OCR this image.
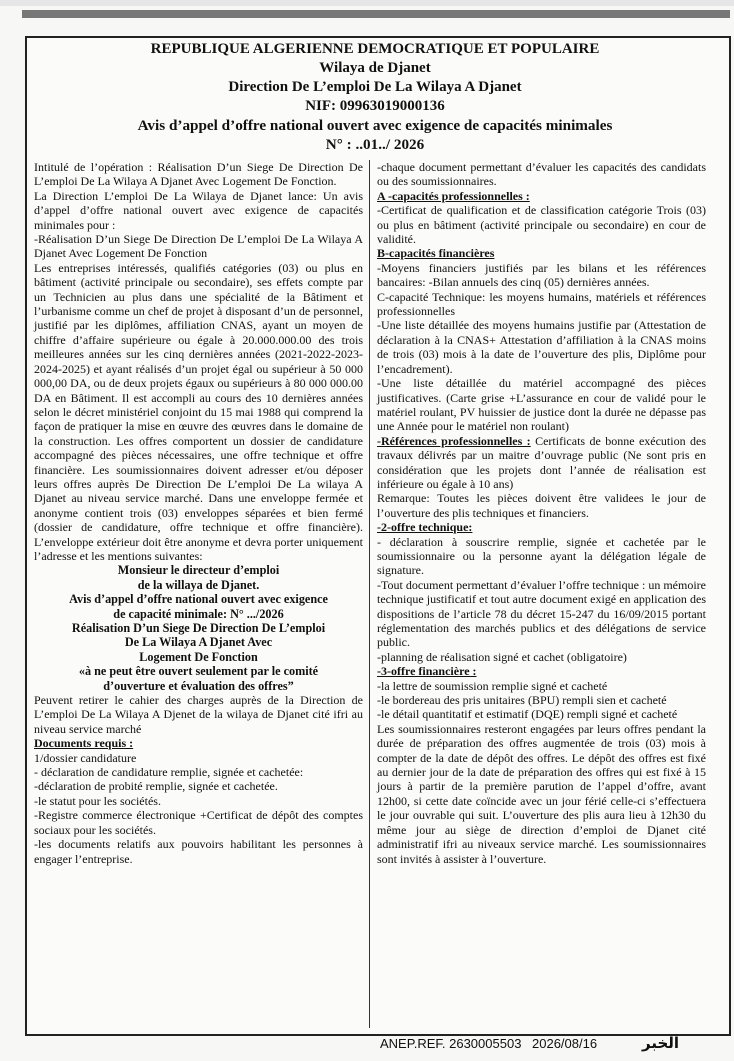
REPUBLIQUE ALGERIENNE DEMOCRATIQUE ET POPULAIRE
Wilaya de Djanet
Direction De L’emploi De La Wilaya A Djanet
NIF: 09963019000136
Avis d’appel d’offre national ouvert avec exigence de capacités minimales
N° : ..01../ 2026

Intitulé de l’opération : Réalisation D’un Siege De Direction De L’emploi De La Wilaya A Djanet Avec Logement De Fonction.

La Direction L’emploi De La Wilaya de Djanet lance: Un avis d’appel d’offre national ouvert avec exigence de capacités minimales pour :

-Réalisation D’un Siege De Direction De L’emploi De La Wilaya A Djanet Avec Logement De Fonction

Les entreprises intéressés, qualifiés catégories (03) ou plus en bâtiment (activité principale ou secondaire), ses effets compte par un Technicien au plus dans une spécialité de la Bâtiment et l’urbanisme comme un chef de projet à disposant d’un de personnel, justifié par les diplômes, affiliation CNAS, ayant un moyen de chiffre d’affaire supérieure ou égale à 20.000.000.00 des trois meilleures années sur les cinq dernières années (2021-2022-2023-2024-2025) et ayant réalisés d’un projet égal ou supérieur à 50 000 000,00 DA, ou de deux projets égaux ou supérieurs à 80 000 000.00 DA en Bâtiment. Il est accompli au cours des 10 dernières années selon le décret ministériel conjoint du 15 mai 1988 qui comprend la façon de pratiquer la mise en œuvre des œuvres dans le domaine de la construction. Les offres comportent un dossier de candidature accompagné des pièces nécessaires, une offre technique et offre financière. Les soumissionnaires doivent adresser et/ou déposer leurs offres auprès De Direction De L’emploi De La wilaya A Djanet au niveau service marché. Dans une enveloppe fermée et anonyme contient trois (03) enveloppes séparées et bien fermé (dossier de candidature, offre technique et offre financière). L’enveloppe extérieur doit être anonyme et devra porter uniquement l’adresse et les mentions suivantes:

Monsieur le directeur d’emploi
de la willaya de Djanet.
Avis d’appel d’offre national ouvert avec exigence
de capacité minimale: N° .../2026
Réalisation D’un Siege De Direction De L’emploi
De La Wilaya A Djanet Avec
Logement De Fonction
«à ne peut être ouvert seulement par le comité
d’ouverture et évaluation des offres”

Peuvent retirer le cahier des charges auprès de la Direction de L’emploi De La Wilaya A Djenet de la wilaya de Djanet cité ifri au niveau service marché

Documents requis :

1/dossier candidature

- déclaration de candidature remplie, signée et cachetée:

-déclaration de probité remplie, signée et cachetée.

-le statut pour les sociétés.

-Registre commerce électronique +Certificat de dépôt des comptes sociaux pour les sociétés.

-les documents relatifs aux pouvoirs habilitant les personnes à engager l’entreprise.

-chaque document permettant d’évaluer les capacités des candidats ou des soumissionnaires.

A -capacités professionnelles :

-Certificat de qualification et de classification catégorie Trois (03) ou plus en bâtiment (activité principale ou secondaire) en cour de validité.

B-capacités financières

-Moyens financiers justifiés par les bilans et les références bancaires: -Bilan annuels des cinq (05) dernières années.

C-capacité Technique: les moyens humains, matériels et références professionnelles

-Une liste détaillée des moyens humains justifie par (Attestation de déclaration à la CNAS+ Attestation d’affiliation à la CNAS moins de trois (03) mois à la date de l’ouverture des plis, Diplôme pour l’encadrement).

-Une liste détaillée du matériel accompagné des pièces justificatives. (Carte grise +L’assurance en cour de validé pour le matériel roulant, PV huissier de justice dont la durée ne dépasse pas une Année pour le matériel non roulant)

-Références professionnelles : Certificats de bonne exécution des travaux délivrés par un maitre d’ouvrage public (Ne sont pris en considération que les projets dont l’année de réalisation est inférieure ou égale à 10 ans)

Remarque: Toutes les pièces doivent être validees le jour de l’ouverture des plis techniques et financiers.

-2-offre technique:

- déclaration à souscrire remplie, signée et cachetée par le soumissionnaire ou la personne ayant la délégation légale de signature.

-Tout document permettant d’évaluer l’offre technique : un mémoire technique justificatif et tout autre document exigé en application des dispositions de l’article 78 du décret 15-247 du 16/09/2015 portant réglementation des marchés publics et des délégations de service public.

-planning de réalisation signé et cachet (obligatoire)

-3-offre financière :

-la lettre de soumission remplie signé et cacheté

-le bordereau des pris unitaires (BPU) rempli sien et cacheté

-le détail quantitatif et estimatif (DQE) rempli signé et cacheté

Les soumissionnaires resteront engagées par leurs offres pendant la durée de préparation des offres augmentée de trois (03) mois à compter de la date de dépôt des offres. Le dépôt des offres est fixé au dernier jour de la date de préparation des offres qui est fixé à 15 jours à partir de la première parution de l’appel d’offre, avant 12h00, si cette date coïncide avec un jour férié celle-ci s’effectuera le jour ouvrable qui suit. L’ouverture des plis aura lieu à 12h30 du même jour au siège de direction d’emploi de Djanet cité administratif ifri au niveaux service marché. Les soumissionnaires sont invités à assister à l’ouverture.

ANEP.REF. 2630005503 2026/08/16	الخبر
